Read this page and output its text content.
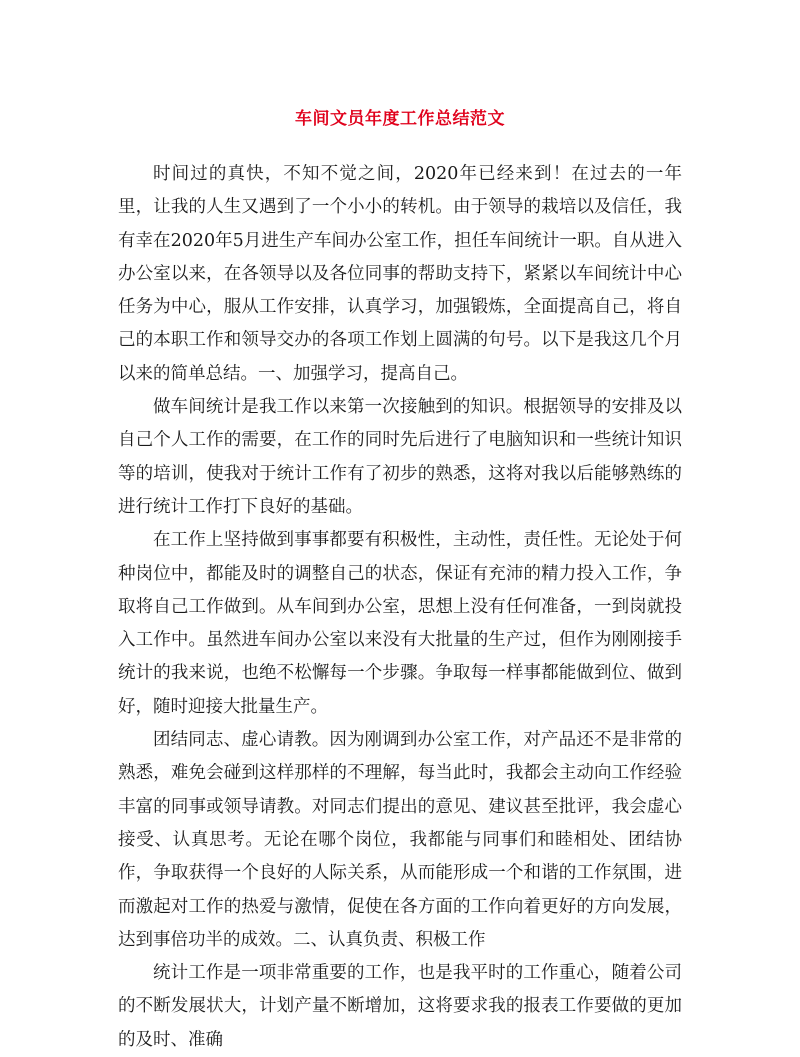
车间文员年度工作总结范文

时间过的真快，不知不觉之间，2020年已经来到！在过去的一年里，让我的人生又遇到了一个小小的转机。由于领导的栽培以及信任，我有幸在2020年5月进生产车间办公室工作，担任车间统计一职。自从进入办公室以来，在各领导以及各位同事的帮助支持下，紧紧以车间统计中心任务为中心，服从工作安排，认真学习，加强锻炼，全面提高自己，将自己的本职工作和领导交办的各项工作划上圆满的句号。以下是我这几个月以来的简单总结。一、加强学习，提高自己。

做车间统计是我工作以来第一次接触到的知识。根据领导的安排及以自己个人工作的需要，在工作的同时先后进行了电脑知识和一些统计知识等的培训，使我对于统计工作有了初步的熟悉，这将对我以后能够熟练的进行统计工作打下良好的基础。

在工作上坚持做到事事都要有积极性，主动性，责任性。无论处于何种岗位中，都能及时的调整自己的状态，保证有充沛的精力投入工作，争取将自己工作做到。从车间到办公室，思想上没有任何准备，一到岗就投入工作中。虽然进车间办公室以来没有大批量的生产过，但作为刚刚接手统计的我来说，也绝不松懈每一个步骤。争取每一样事都能做到位、做到好，随时迎接大批量生产。

团结同志、虚心请教。因为刚调到办公室工作，对产品还不是非常的熟悉，难免会碰到这样那样的不理解，每当此时，我都会主动向工作经验丰富的同事或领导请教。对同志们提出的意见、建议甚至批评，我会虚心接受、认真思考。无论在哪个岗位，我都能与同事们和睦相处、团结协作，争取获得一个良好的人际关系，从而能形成一个和谐的工作氛围，进而激起对工作的热爱与激情，促使在各方面的工作向着更好的方向发展，达到事倍功半的成效。二、认真负责、积极工作

统计工作是一项非常重要的工作，也是我平时的工作重心，随着公司的不断发展状大，计划产量不断增加，这将要求我的报表工作要做的更加的及时、准确
